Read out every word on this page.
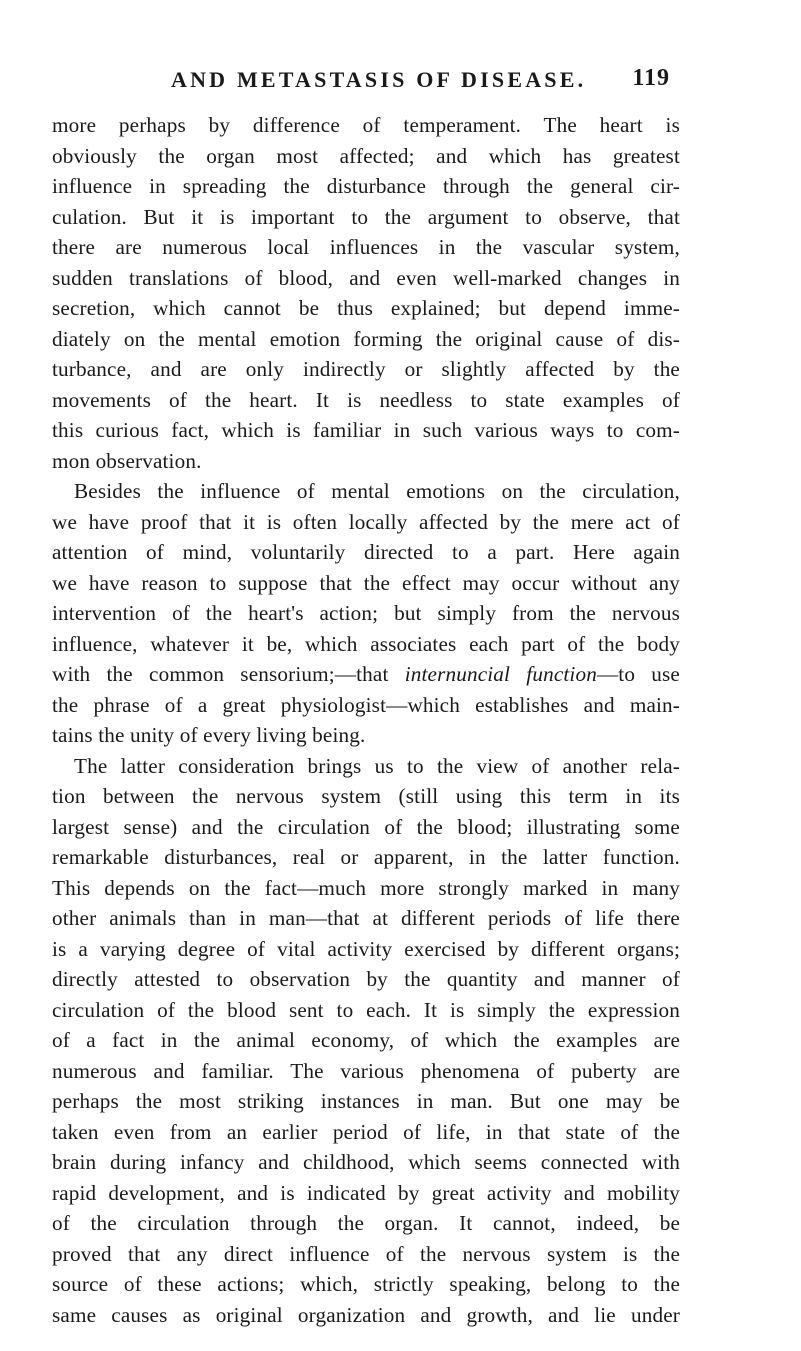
AND METASTASIS OF DISEASE. 119
more perhaps by difference of temperament. The heart is
obviously the organ most affected; and which has greatest
influence in spreading the disturbance through the general cir-
culation. But it is important to the argument to observe, that
there are numerous local influences in the vascular system,
sudden translations of blood, and even well-marked changes in
secretion, which cannot be thus explained; but depend imme-
diately on the mental emotion forming the original cause of dis-
turbance, and are only indirectly or slightly affected by the
movements of the heart. It is needless to state examples of
this curious fact, which is familiar in such various ways to com-
mon observation.
Besides the influence of mental emotions on the circulation,
we have proof that it is often locally affected by the mere act of
attention of mind, voluntarily directed to a part. Here again
we have reason to suppose that the effect may occur without any
intervention of the heart's action; but simply from the nervous
influence, whatever it be, which associates each part of the body
with the common sensorium;—that internuncial function—to use
the phrase of a great physiologist—which establishes and main-
tains the unity of every living being.
The latter consideration brings us to the view of another rela-
tion between the nervous system (still using this term in its
largest sense) and the circulation of the blood; illustrating some
remarkable disturbances, real or apparent, in the latter function.
This depends on the fact—much more strongly marked in many
other animals than in man—that at different periods of life there
is a varying degree of vital activity exercised by different organs;
directly attested to observation by the quantity and manner of
circulation of the blood sent to each. It is simply the expression
of a fact in the animal economy, of which the examples are
numerous and familiar. The various phenomena of puberty are
perhaps the most striking instances in man. But one may be
taken even from an earlier period of life, in that state of the
brain during infancy and childhood, which seems connected with
rapid development, and is indicated by great activity and mobility
of the circulation through the organ. It cannot, indeed, be
proved that any direct influence of the nervous system is the
source of these actions; which, strictly speaking, belong to the
same causes as original organization and growth, and lie under
